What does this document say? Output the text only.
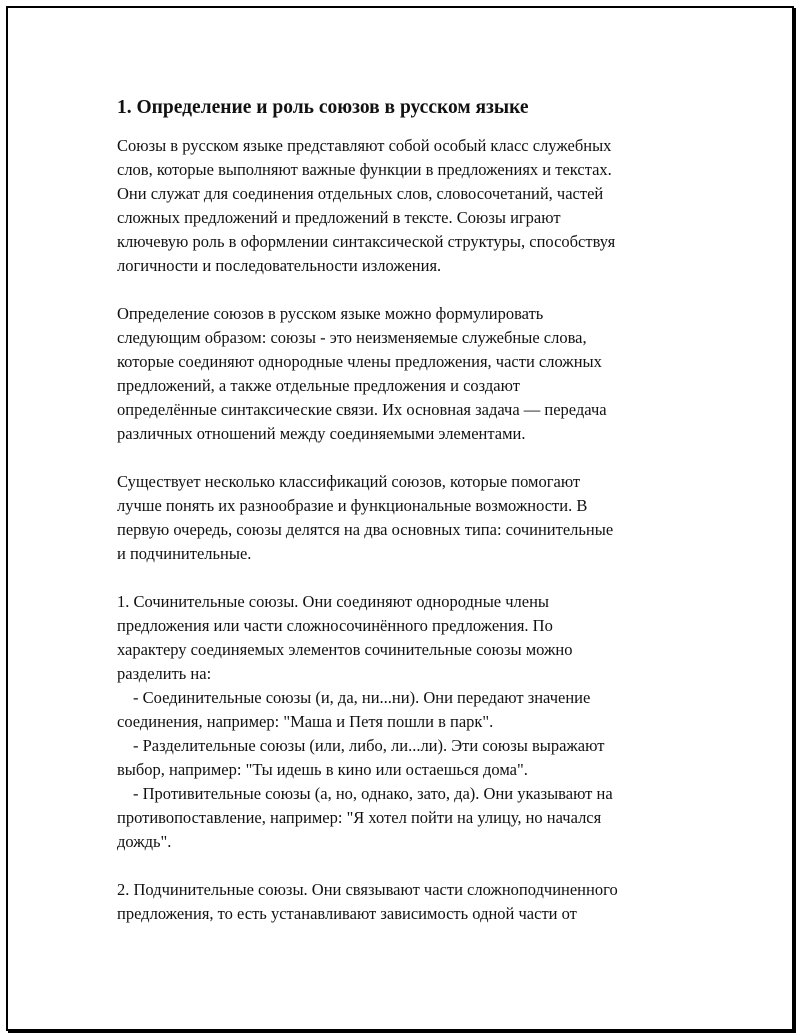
1. Определение и роль союзов в русском языке
Союзы в русском языке представляют собой особый класс служебных
слов, которые выполняют важные функции в предложениях и текстах.
Они служат для соединения отдельных слов, словосочетаний, частей
сложных предложений и предложений в тексте. Союзы играют
ключевую роль в оформлении синтаксической структуры, способствуя
логичности и последовательности изложения.
Определение союзов в русском языке можно формулировать
следующим образом: союзы - это неизменяемые служебные слова,
которые соединяют однородные члены предложения, части сложных
предложений, а также отдельные предложения и создают
определённые синтаксические связи. Их основная задача — передача
различных отношений между соединяемыми элементами.
Существует несколько классификаций союзов, которые помогают
лучше понять их разнообразие и функциональные возможности. В
первую очередь, союзы делятся на два основных типа: сочинительные
и подчинительные.
1. Сочинительные союзы. Они соединяют однородные члены
предложения или части сложносочинённого предложения. По
характеру соединяемых элементов сочинительные союзы можно
разделить на:
- Соединительные союзы (и, да, ни...ни). Они передают значение
соединения, например: "Маша и Петя пошли в парк".
- Разделительные союзы (или, либо, ли...ли). Эти союзы выражают
выбор, например: "Ты идешь в кино или остаешься дома".
- Противительные союзы (а, но, однако, зато, да). Они указывают на
противопоставление, например: "Я хотел пойти на улицу, но начался
дождь".
2. Подчинительные союзы. Они связывают части сложноподчиненного
предложения, то есть устанавливают зависимость одной части от
